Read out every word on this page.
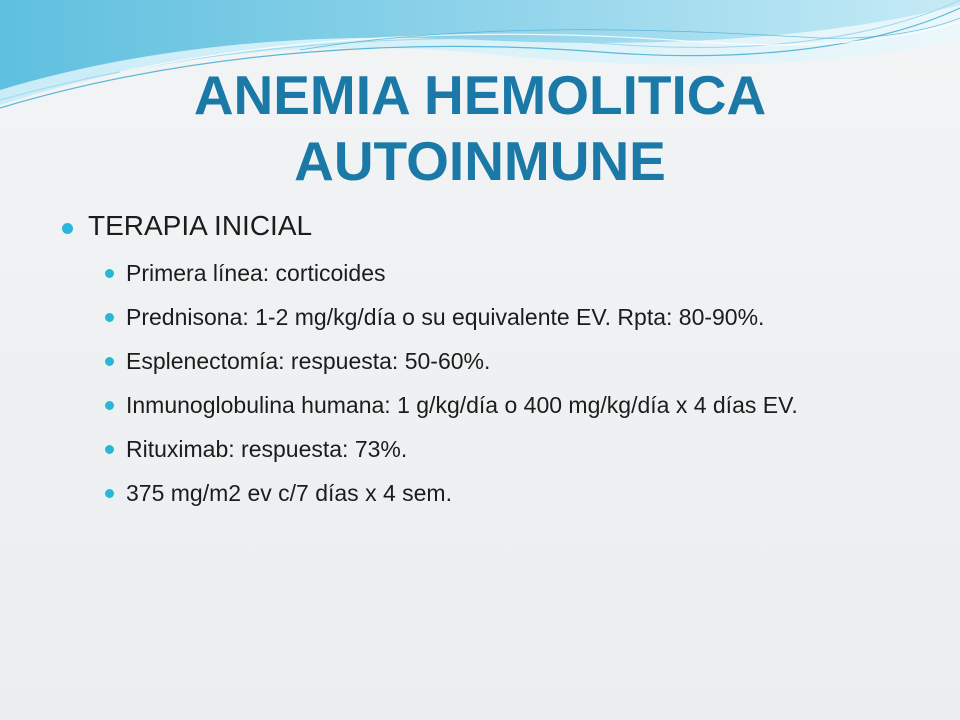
ANEMIA HEMOLITICA
AUTOINMUNE
TERAPIA INICIAL
Primera línea: corticoides
Prednisona: 1-2 mg/kg/día o su equivalente EV. Rpta: 80-90%.
Esplenectomía: respuesta: 50-60%.
Inmunoglobulina humana: 1 g/kg/día o 400 mg/kg/día x 4 días EV.
Rituximab: respuesta: 73%.
375 mg/m2 ev c/7 días x 4 sem.
